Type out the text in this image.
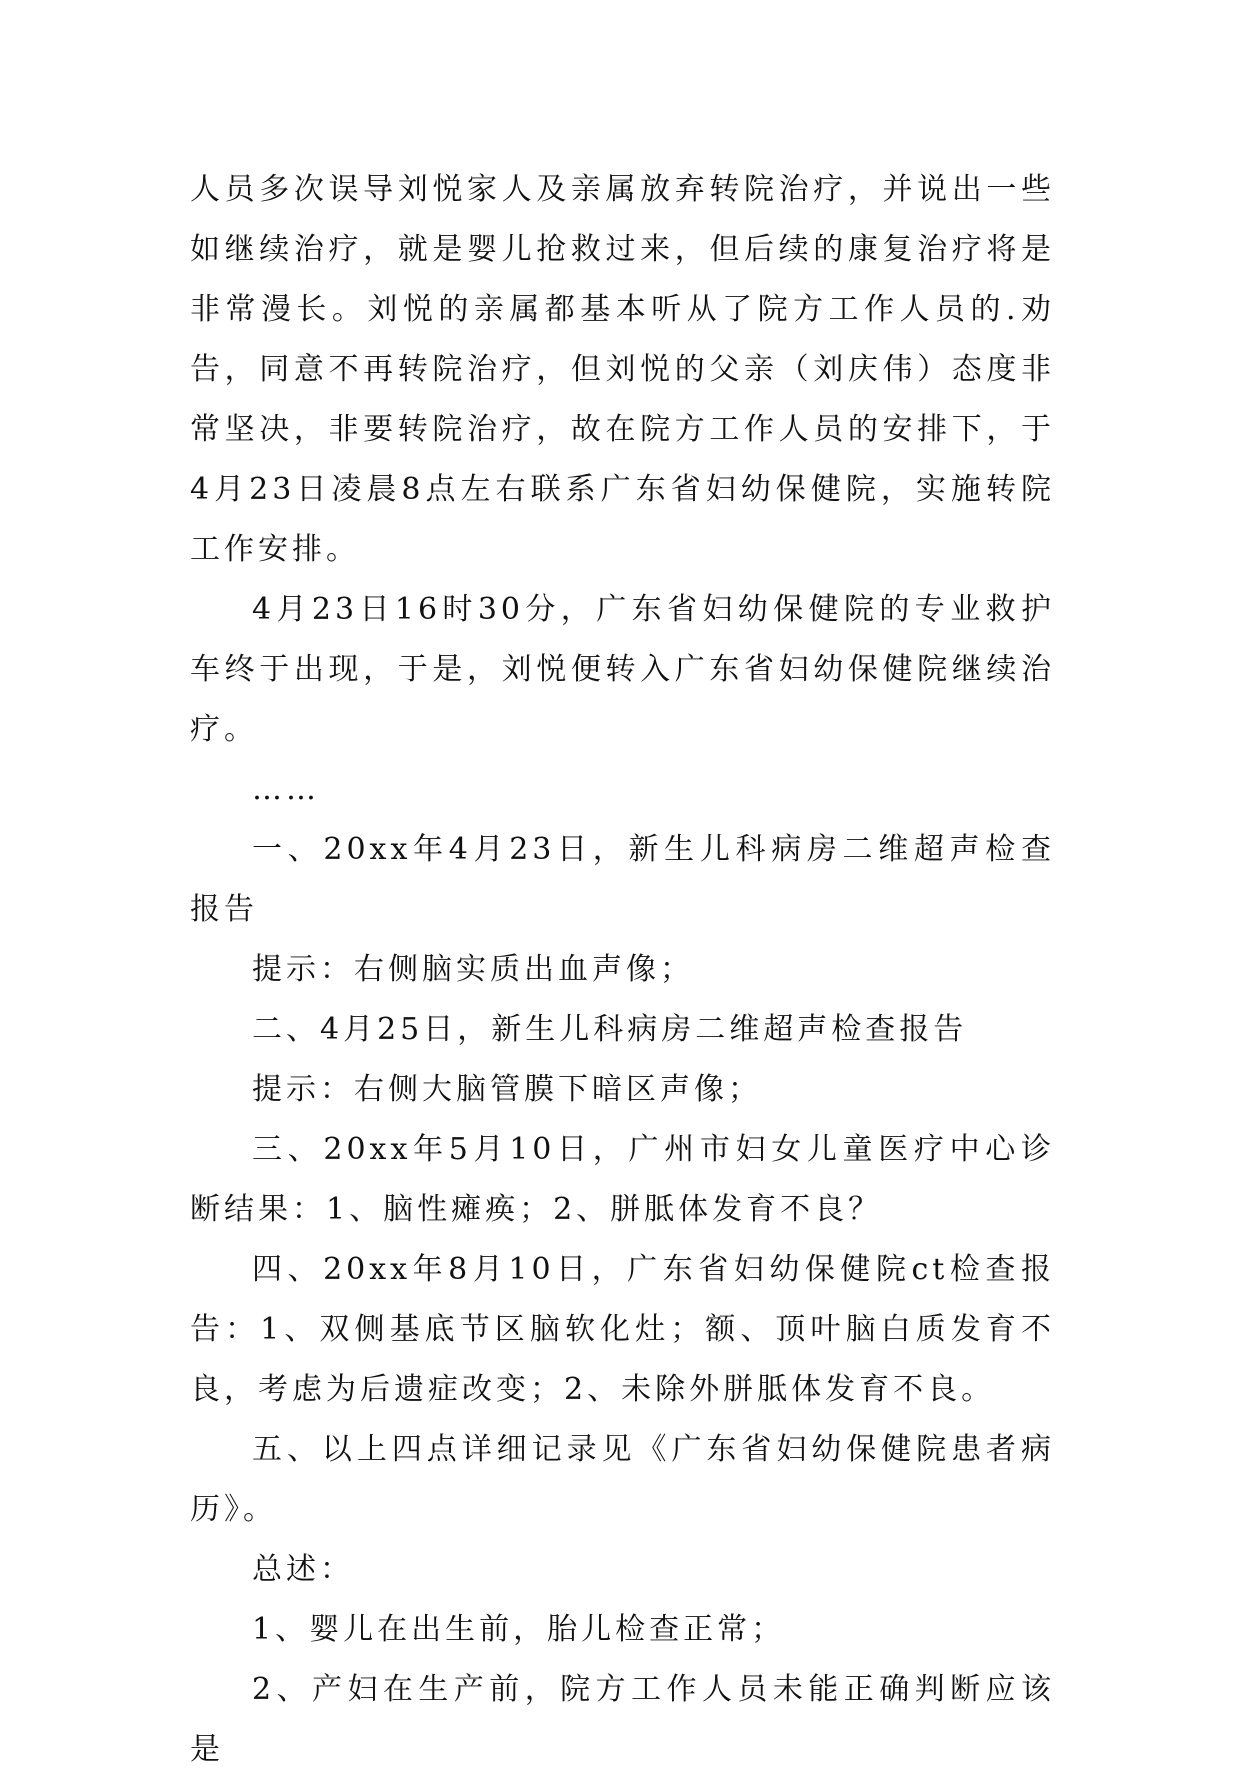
人员多次误导刘悦家人及亲属放弃转院治疗，并说出一些如继续治疗，就是婴儿抢救过来，但后续的康复治疗将是非常漫长。刘悦的亲属都基本听从了院方工作人员的.劝告，同意不再转院治疗，但刘悦的父亲（刘庆伟）态度非常坚决，非要转院治疗，故在院方工作人员的安排下，于4月23日凌晨8点左右联系广东省妇幼保健院，实施转院工作安排。

4月23日16时30分，广东省妇幼保健院的专业救护车终于出现，于是，刘悦便转入广东省妇幼保健院继续治疗。

……

一、20xx年4月23日，新生儿科病房二维超声检查报告

提示：右侧脑实质出血声像；

二、4月25日，新生儿科病房二维超声检查报告

提示：右侧大脑管膜下暗区声像；

三、20xx年5月10日，广州市妇女儿童医疗中心诊断结果：1、脑性瘫痪；2、胼胝体发育不良？

四、20xx年8月10日，广东省妇幼保健院ct检查报告：1、双侧基底节区脑软化灶；额、顶叶脑白质发育不良，考虑为后遗症改变；2、未除外胼胝体发育不良。

五、以上四点详细记录见《广东省妇幼保健院患者病历》。

总述：

1、婴儿在出生前，胎儿检查正常；

2、产妇在生产前，院方工作人员未能正确判断应该是
